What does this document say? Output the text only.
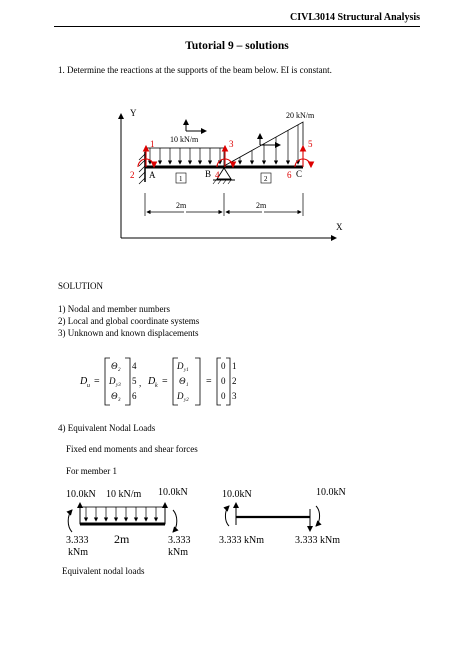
CIVL3014 Structural Analysis
Tutorial 9 – solutions
1. Determine the reactions at the supports of the beam below. EI is constant.
Y
X
10 kN/m
20 kN/m
A	B	C
1	2
1
2
3
4
5
6
2m	2m
SOLUTION
1) Nodal and member numbers
2) Local and global coordinate systems
3) Unknown and known displacements
D u =
Θ 2
D y3
Θ 3
4
5
6
, D k =
D y1
Θ 1
D y2
=
0
0
0
1
2
3
4) Equivalent Nodal Loads
Fixed end moments and shear forces
For member 1
10.0kN 10 kN/m 10.0kN
3.333
kNm
2m	3.333
kNm
10.0kN	10.0kN
3.333 kNm	3.333 kNm
Equivalent nodal loads
